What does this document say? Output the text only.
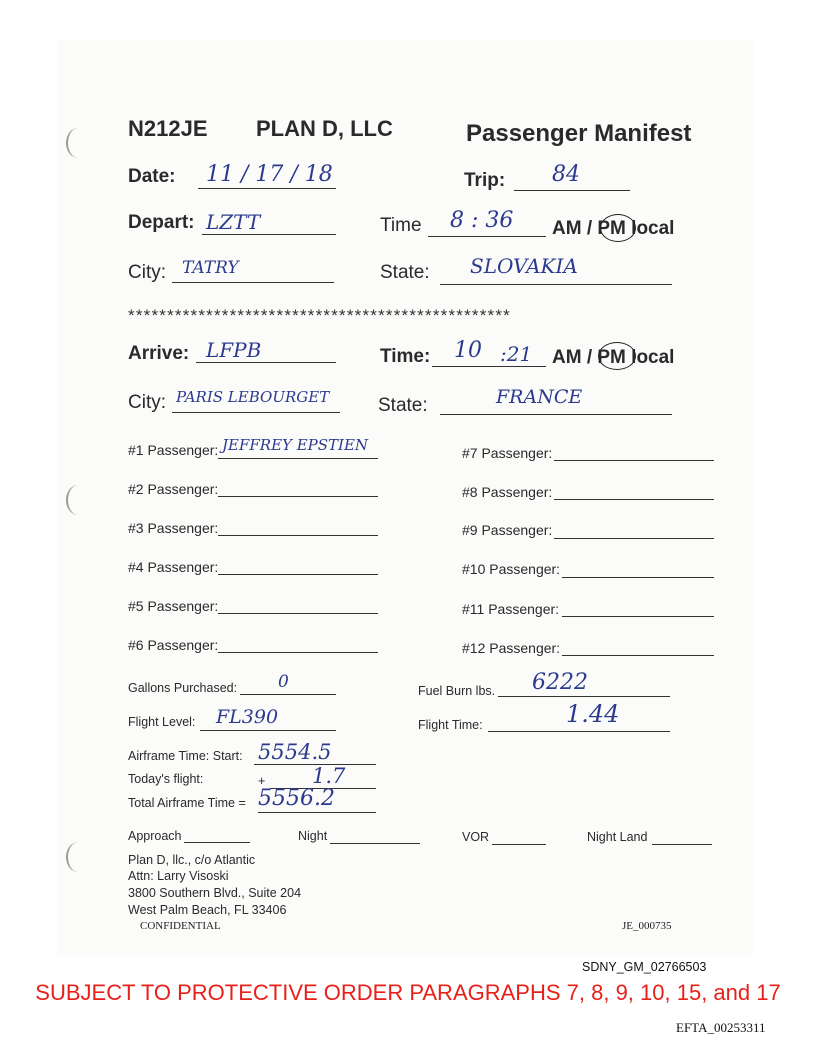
N212JE PLAN D, LLC	Passenger Manifest
Date: 11 / 17 / 18	Trip: 84
Depart: LZTT	Time 8 : 36 AM / PM local
City: TATRY	State: SLOVAKIA
*************************************************
Arrive: LFPB	Time: 10 :21 AM / PM local
City: PARIS LEBOURGET	State:	FRANCE
#1 Passenger: JEFFREY EPSTIEN
#2 Passenger:
#3 Passenger:
#4 Passenger:
#5 Passenger:
#6 Passenger:
#7 Passenger:
#8 Passenger:
#9 Passenger:
#10 Passenger:
#11 Passenger:
#12 Passenger:
Gallons Purchased: 0	Fuel Burn lbs. 6222
Flight Level: FL390	Flight Time:	1.44
Airframe Time: Start: 5554.5
Today's flight:	+ 1.7
Total Airframe Time = 5556.2
Approach	Night	VOR	Night Land
Plan D, llc., c/o Atlantic
Attn: Larry Visoski
3800 Southern Blvd., Suite 204
West Palm Beach, FL 33406
CONFIDENTIAL	JE_000735
SDNY_GM_02766503
SUBJECT TO PROTECTIVE ORDER PARAGRAPHS 7, 8, 9, 10, 15, and 17
EFTA_00253311
